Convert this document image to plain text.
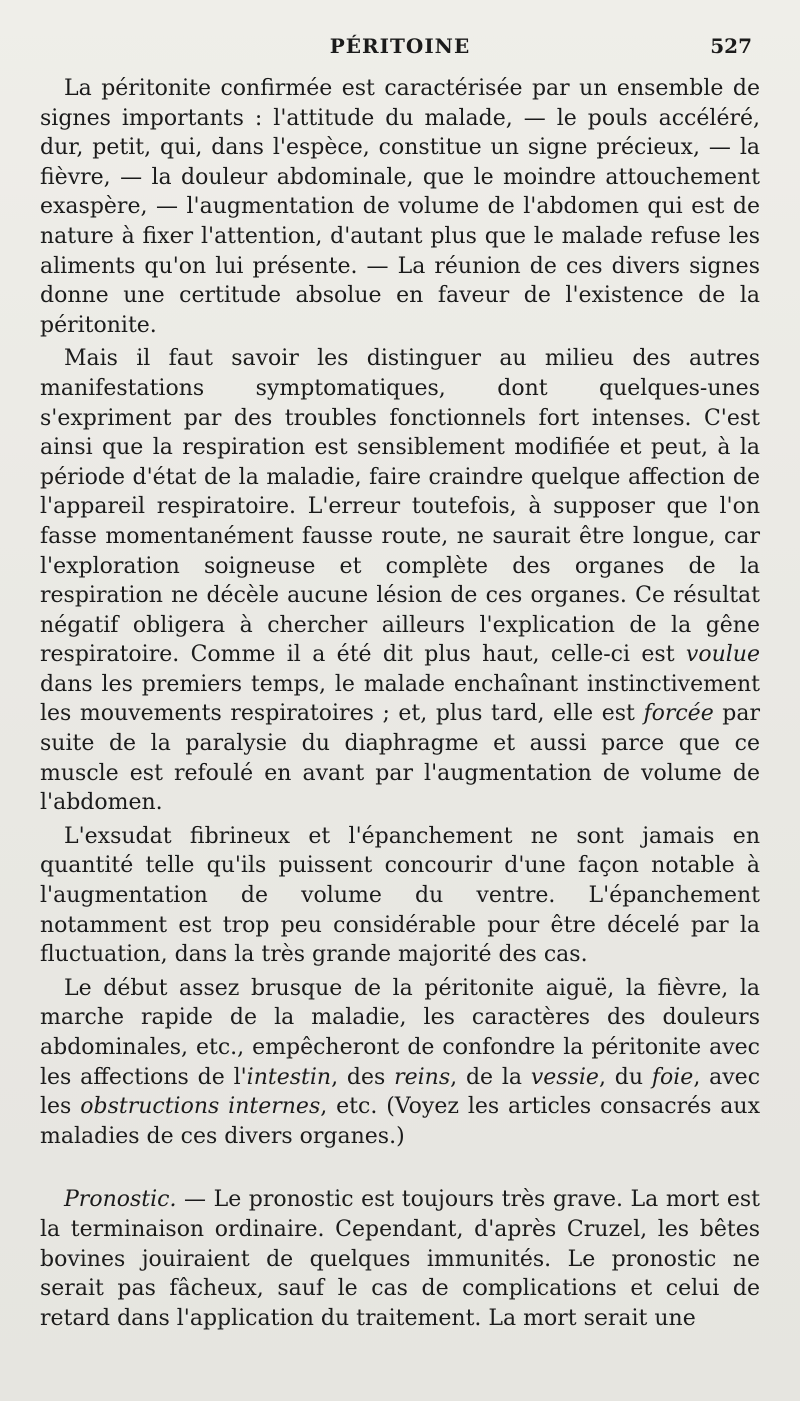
PÉRITOINE	527

La péritonite confirmée est caractérisée par un ensemble de signes importants : l'attitude du malade, — le pouls accéléré, dur, petit, qui, dans l'espèce, constitue un signe précieux, — la fièvre, — la douleur abdominale, que le moindre attouchement exaspère, — l'augmentation de volume de l'abdomen qui est de nature à fixer l'attention, d'autant plus que le malade refuse les aliments qu'on lui présente. — La réunion de ces divers signes donne une certitude absolue en faveur de l'existence de la péritonite.

Mais il faut savoir les distinguer au milieu des autres manifestations symptomatiques, dont quelques-unes s'expriment par des troubles fonctionnels fort intenses. C'est ainsi que la respiration est sensiblement modifiée et peut, à la période d'état de la maladie, faire craindre quelque affection de l'appareil respiratoire. L'erreur toutefois, à supposer que l'on fasse momentanément fausse route, ne saurait être longue, car l'exploration soigneuse et complète des organes de la respiration ne décèle aucune lésion de ces organes. Ce résultat négatif obligera à chercher ailleurs l'explication de la gêne respiratoire. Comme il a été dit plus haut, celle-ci est voulue dans les premiers temps, le malade enchaînant instinctivement les mouvements respiratoires ; et, plus tard, elle est forcée par suite de la paralysie du diaphragme et aussi parce que ce muscle est refoulé en avant par l'augmentation de volume de l'abdomen.

L'exsudat fibrineux et l'épanchement ne sont jamais en quantité telle qu'ils puissent concourir d'une façon notable à l'augmentation de volume du ventre. L'épanchement notamment est trop peu considérable pour être décelé par la fluctuation, dans la très grande majorité des cas.

Le début assez brusque de la péritonite aiguë, la fièvre, la marche rapide de la maladie, les caractères des douleurs abdominales, etc., empêcheront de confondre la péritonite avec les affections de l'intestin, des reins, de la vessie, du foie, avec les obstructions internes, etc. (Voyez les articles consacrés aux maladies de ces divers organes.)

Pronostic. — Le pronostic est toujours très grave. La mort est la terminaison ordinaire. Cependant, d'après Cruzel, les bêtes bovines jouiraient de quelques immunités. Le pronostic ne serait pas fâcheux, sauf le cas de complications et celui de retard dans l'application du traitement. La mort serait une
